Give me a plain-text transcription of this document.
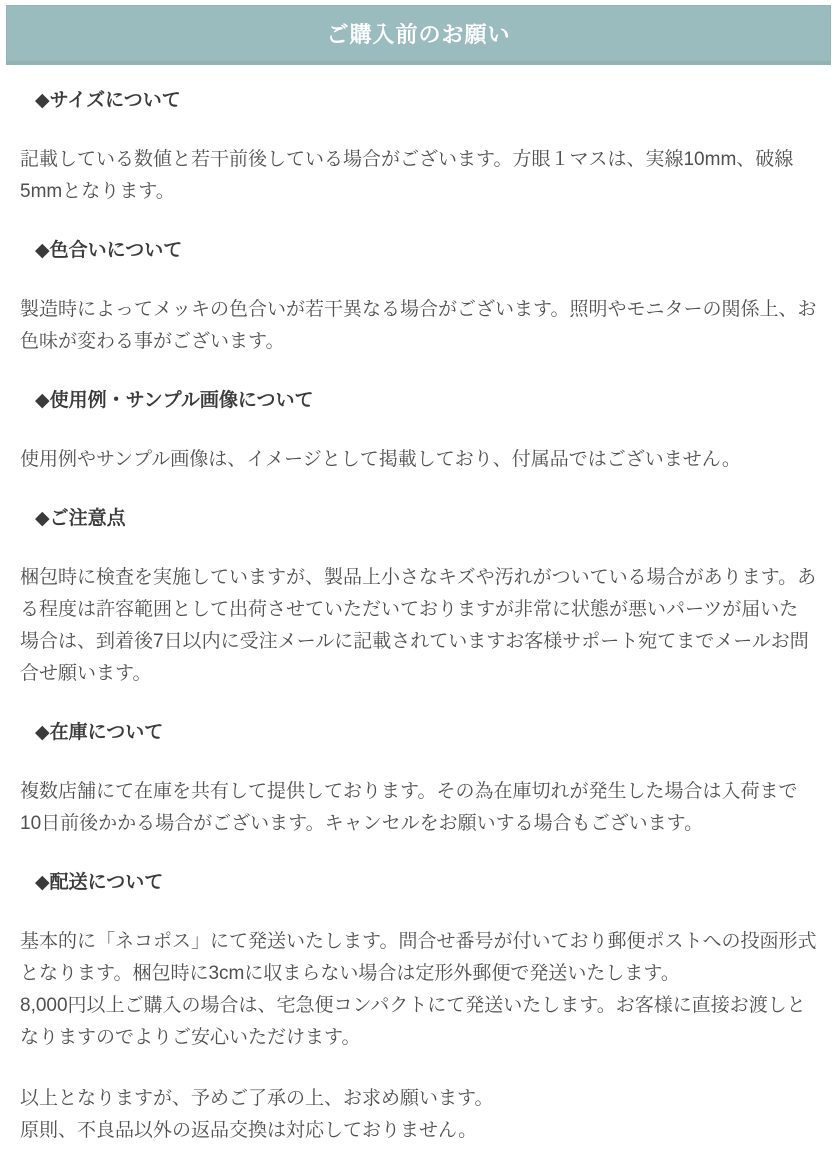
ご購入前のお願い
◆サイズについて

記載している数値と若干前後している場合がございます。方眼１マスは、実線10mm、破線5mmとなります。

◆色合いについて

製造時によってメッキの色合いが若干異なる場合がございます。照明やモニターの関係上、お色味が変わる事がございます。

◆使用例・サンプル画像について

使用例やサンプル画像は、イメージとして掲載しており、付属品ではございません。

◆ご注意点

梱包時に検査を実施していますが、製品上小さなキズや汚れがついている場合があります。ある程度は許容範囲として出荷させていただいておりますが非常に状態が悪いパーツが届いた場合は、到着後7日以内に受注メールに記載されていますお客様サポート宛てまでメールお問合せ願います。

◆在庫について

複数店舗にて在庫を共有して提供しております。その為在庫切れが発生した場合は入荷まで10日前後かかる場合がございます。キャンセルをお願いする場合もございます。

◆配送について

基本的に「ネコポス」にて発送いたします。問合せ番号が付いており郵便ポストへの投函形式となります。梱包時に3cmに収まらない場合は定形外郵便で発送いたします。
8,000円以上ご購入の場合は、宅急便コンパクトにて発送いたします。お客様に直接お渡しとなりますのでよりご安心いただけます。

以上となりますが、予めご了承の上、お求め願います。
原則、不良品以外の返品交換は対応しておりません。
